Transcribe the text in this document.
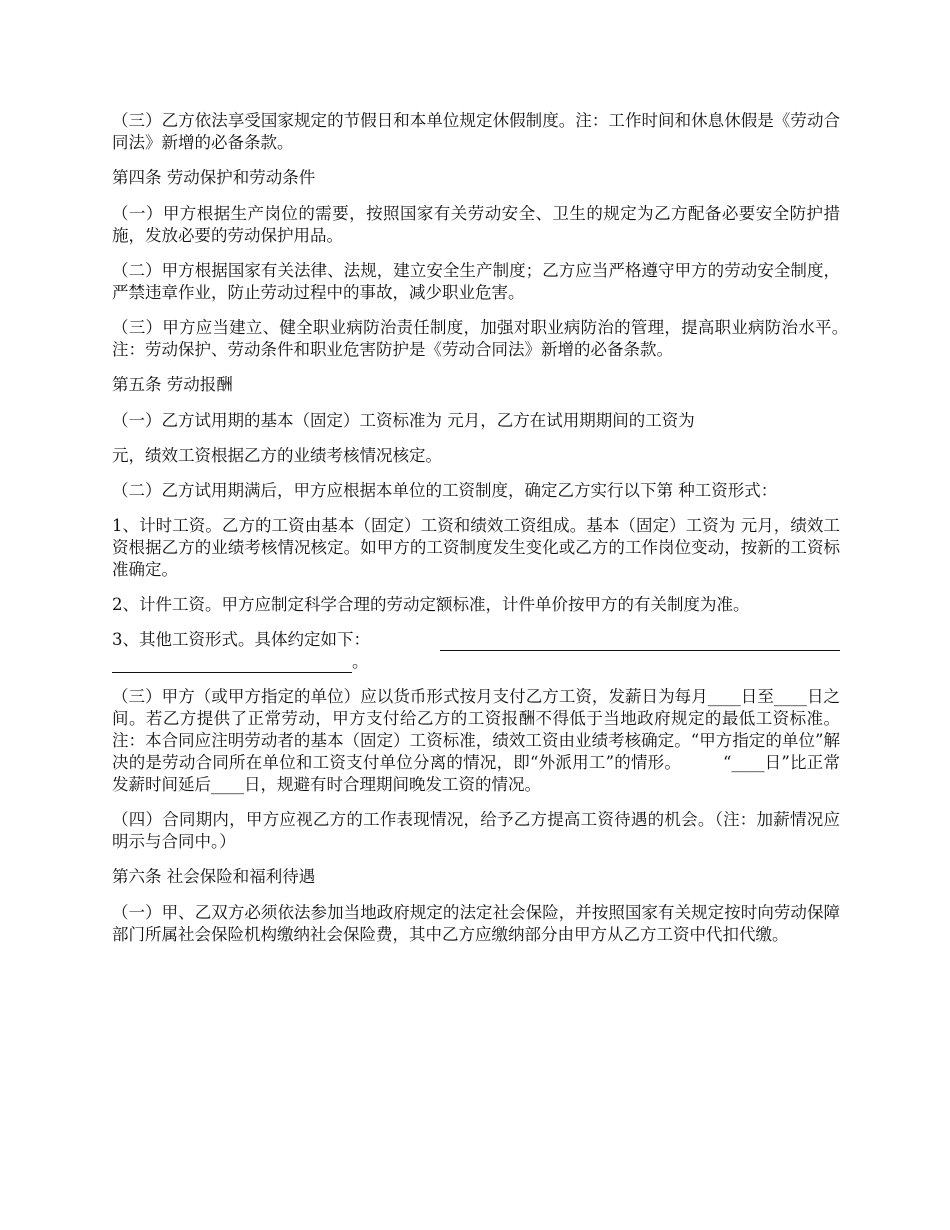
（三）乙方依法享受国家规定的节假日和本单位规定休假制度。注：工作时间和休息休假是《劳动合同法》新增的必备条款。

第四条 劳动保护和劳动条件

（一）甲方根据生产岗位的需要，按照国家有关劳动安全、卫生的规定为乙方配备必要安全防护措施，发放必要的劳动保护用品。

（二）甲方根据国家有关法律、法规，建立安全生产制度；乙方应当严格遵守甲方的劳动安全制度，严禁违章作业，防止劳动过程中的事故，减少职业危害。

（三）甲方应当建立、健全职业病防治责任制度，加强对职业病防治的管理，提高职业病防治水平。　　　注：劳动保护、劳动条件和职业危害防护是《劳动合同法》新增的必备条款。

第五条 劳动报酬

（一）乙方试用期的基本（固定）工资标准为 元月，乙方在试用期期间的工资为

元，绩效工资根据乙方的业绩考核情况核定。

（二）乙方试用期满后，甲方应根据本单位的工资制度，确定乙方实行以下第 种工资形式：

1、计时工资。乙方的工资由基本（固定）工资和绩效工资组成。基本（固定）工资为 元月，绩效工资根据乙方的业绩考核情况核定。如甲方的工资制度发生变化或乙方的工作岗位变动，按新的工资标准确定。

2、计件工资。甲方应制定科学合理的劳动定额标准，计件单价按甲方的有关制度为准。

3、其他工资形式。具体约定如下：
。

（三）甲方（或甲方指定的单位）应以货币形式按月支付乙方工资，发薪日为每月____日至____日之间。若乙方提供了正常劳动，甲方支付给乙方的工资报酬不得低于当地政府规定的最低工资标准。注：本合同应注明劳动者的基本（固定）工资标准，绩效工资由业绩考核确定。“甲方指定的单位”解决的是劳动合同所在单位和工资支付单位分离的情况，即“外派用工”的情形。　　　“____日”比正常发薪时间延后____日，规避有时合理期间晚发工资的情况。

（四）合同期内，甲方应视乙方的工作表现情况，给予乙方提高工资待遇的机会。（注：加薪情况应明示与合同中。）

第六条 社会保险和福利待遇

（一）甲、乙双方必须依法参加当地政府规定的法定社会保险，并按照国家有关规定按时向劳动保障部门所属社会保险机构缴纳社会保险费，其中乙方应缴纳部分由甲方从乙方工资中代扣代缴。
